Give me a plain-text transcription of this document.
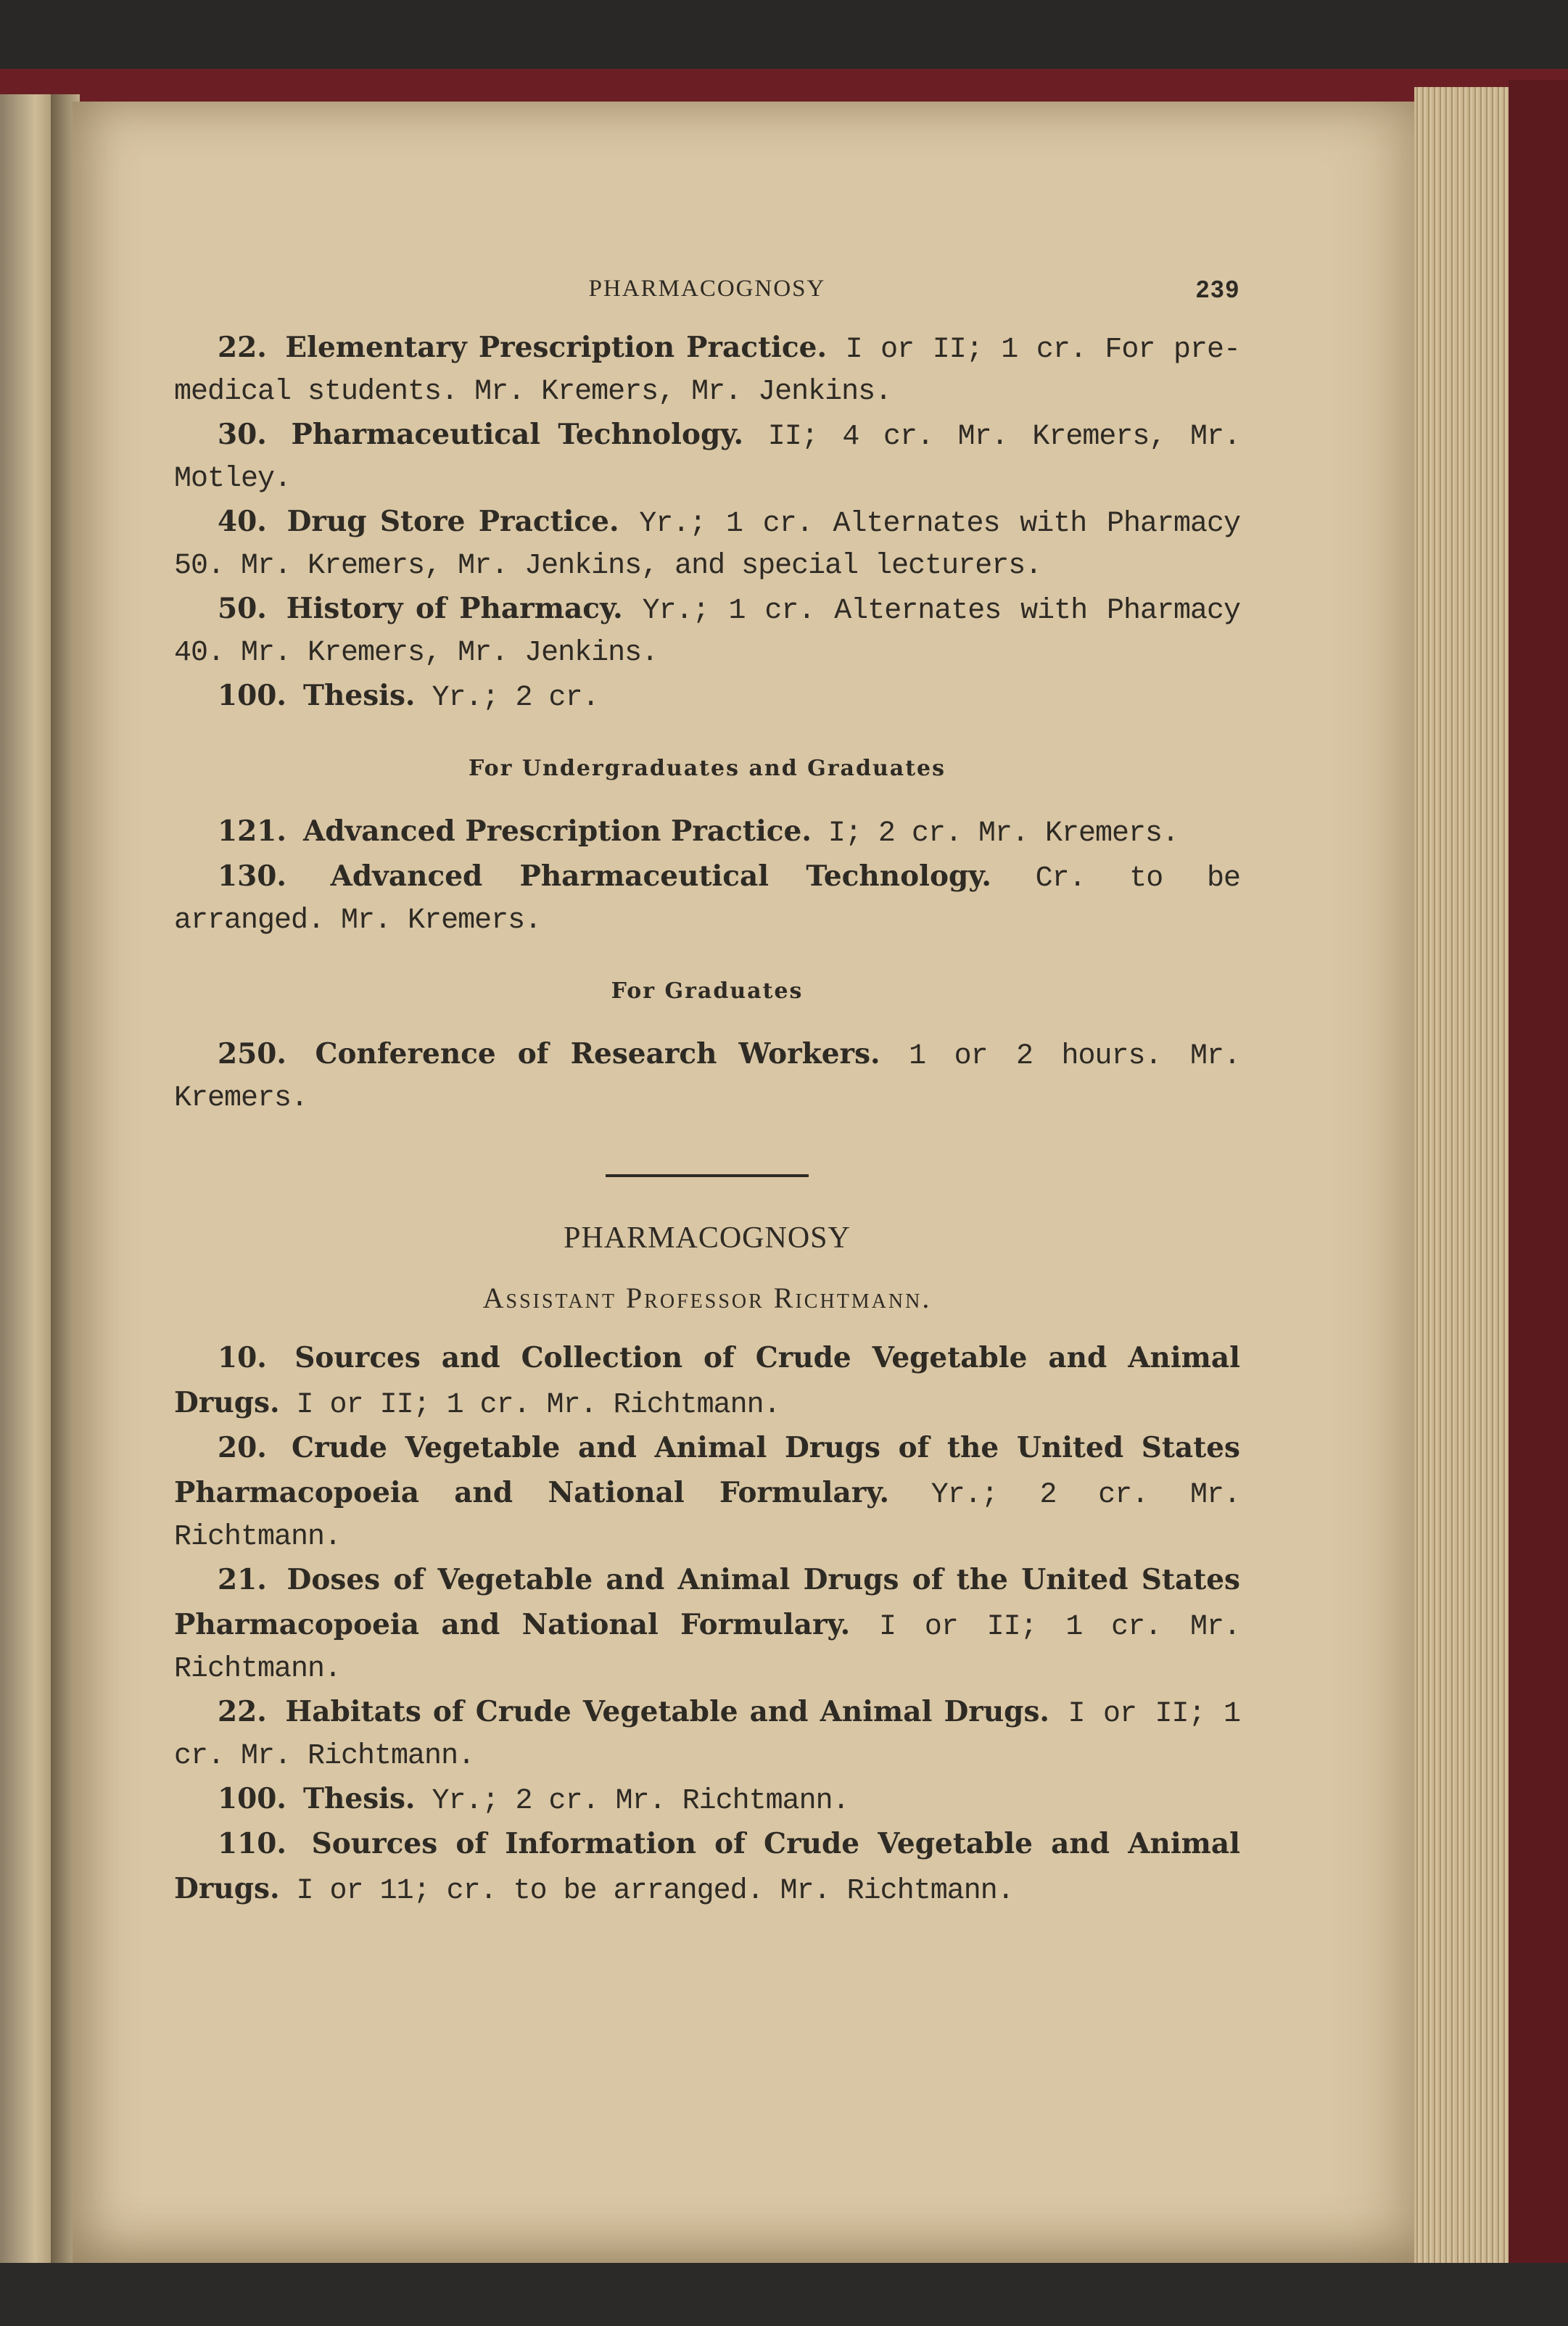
PHARMACOGNOSY	239

22. Elementary Prescription Practice. I or II; 1 cr. For pre-medical students. Mr. Kremers, Mr. Jenkins.

30. Pharmaceutical Technology. II; 4 cr. Mr. Kremers, Mr. Motley.

40. Drug Store Practice. Yr.; 1 cr. Alternates with Pharmacy 50. Mr. Kremers, Mr. Jenkins, and special lecturers.

50. History of Pharmacy. Yr.; 1 cr. Alternates with Pharmacy 40. Mr. Kremers, Mr. Jenkins.

100. Thesis. Yr.; 2 cr.

For Undergraduates and Graduates

121. Advanced Prescription Practice. I; 2 cr. Mr. Kremers.

130. Advanced Pharmaceutical Technology. Cr. to be arranged. Mr. Kremers.

For Graduates

250. Conference of Research Workers. 1 or 2 hours. Mr. Kremers.

PHARMACOGNOSY
Assistant Professor Richtmann.

10. Sources and Collection of Crude Vegetable and Animal Drugs. I or II; 1 cr. Mr. Richtmann.

20. Crude Vegetable and Animal Drugs of the United States Pharmacopoeia and National Formulary. Yr.; 2 cr. Mr. Richtmann.

21. Doses of Vegetable and Animal Drugs of the United States Pharmacopoeia and National Formulary. I or II; 1 cr. Mr. Richtmann.

22. Habitats of Crude Vegetable and Animal Drugs. I or II; 1 cr. Mr. Richtmann.

100. Thesis. Yr.; 2 cr. Mr. Richtmann.

110. Sources of Information of Crude Vegetable and Animal Drugs. I or 11; cr. to be arranged. Mr. Richtmann.
